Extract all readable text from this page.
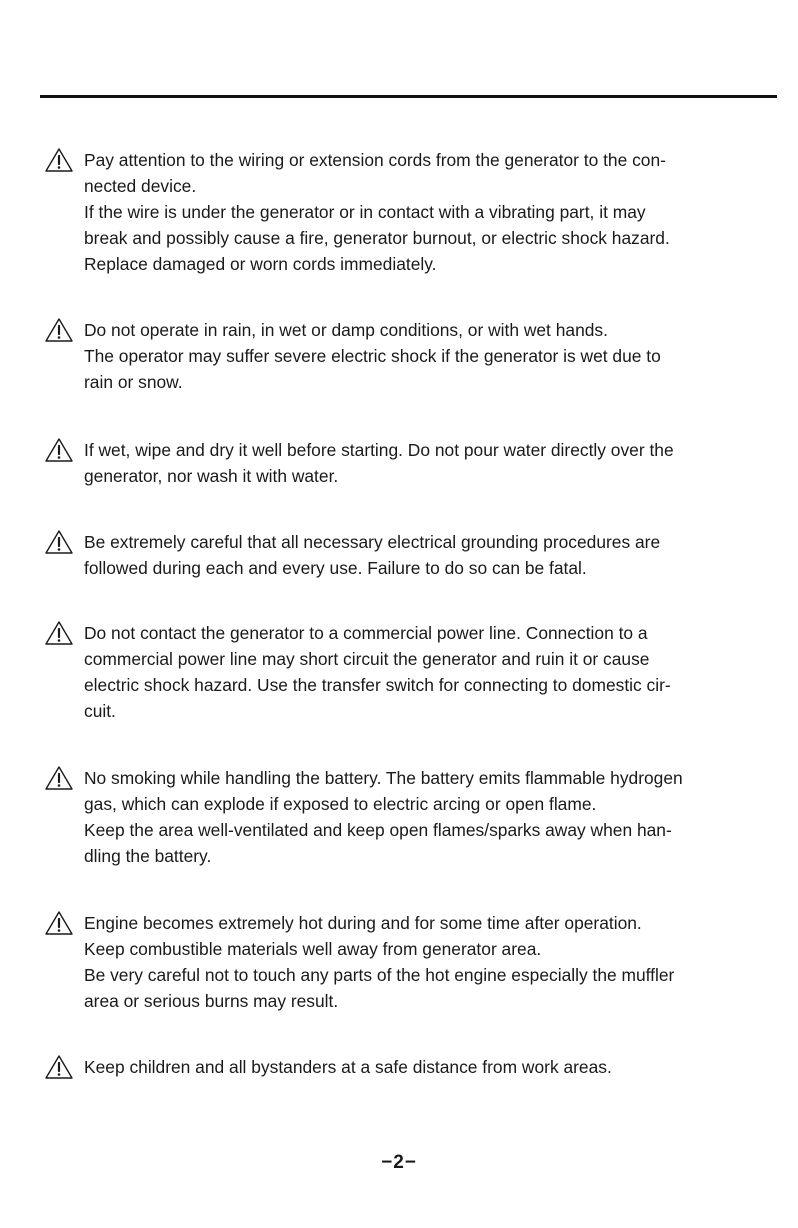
Pay attention to the wiring or extension cords from the generator to the con-

nected device.

If the wire is under the generator or in contact with a vibrating part, it may

break and possibly cause a fire, generator burnout, or electric shock hazard.

Replace damaged or worn cords immediately.

Do not operate in rain, in wet or damp conditions, or with wet hands.

The operator may suffer severe electric shock if the generator is wet due to

rain or snow.

If wet, wipe and dry it well before starting. Do not pour water directly over the

generator, nor wash it with water.

Be extremely careful that all necessary electrical grounding procedures are

followed during each and every use. Failure to do so can be fatal.

Do not contact the generator to a commercial power line. Connection to a

commercial power line may short circuit the generator and ruin it or cause

electric shock hazard. Use the transfer switch for connecting to domestic cir-

cuit.

No smoking while handling the battery. The battery emits flammable hydrogen

gas, which can explode if exposed to electric arcing or open flame.

Keep the area well-ventilated and keep open flames/sparks away when han-

dling the battery.

Engine becomes extremely hot during and for some time after operation.

Keep combustible materials well away from generator area.

Be very careful not to touch any parts of the hot engine especially the muffler

area or serious burns may result.

Keep children and all bystanders at a safe distance from work areas.

−2−
